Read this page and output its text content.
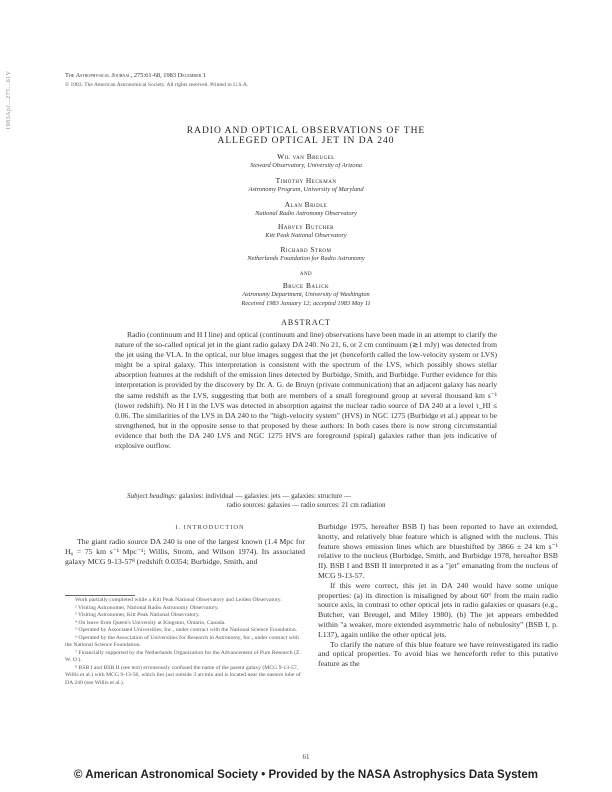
1983ApJ...275...61V	The Astrophysical Journal, 275:61-68, 1983 December 1
© 1983. The American Astronomical Society. All rights reserved. Printed in U.S.A.
RADIO AND OPTICAL OBSERVATIONS OF THE
ALLEGED OPTICAL JET IN DA 240
Wil van Breugel
Steward Observatory, University of Arizona
Timothy Heckman
Astronomy Program, University of Maryland
Alan Bridle
National Radio Astronomy Observatory
Harvey Butcher
Kitt Peak National Observatory
Richard Strom
Netherlands Foundation for Radio Astronomy
and
Bruce Balick
Astronomy Department, University of Washington
Received 1983 January 12; accepted 1983 May 11
ABSTRACT

Radio (continuum and H I line) and optical (continuum and line) observations have been made in an attempt to clarify the nature of the so-called optical jet in the giant radio galaxy DA 240. No 21, 6, or 2 cm continuum (≳1 mJy) was detected from the jet using the VLA. In the optical, our blue images suggest that the jet (henceforth called the low-velocity system or LVS) might be a spiral galaxy. This interpretation is consistent with the spectrum of the LVS, which possibly shows stellar absorption features at the redshift of the emission lines detected by Burbidge, Smith, and Burbidge. Further evidence for this interpretation is provided by the discovery by Dr. A. G. de Bruyn (private communication) that an adjacent galaxy has nearly the same redshift as the LVS, suggesting that both are members of a small foreground group at several thousand km s⁻¹ (lower redshift). No H I in the LVS was detected in absorption against the nuclear radio source of DA 240 at a level τ_HI ≤ 0.06. The similarities of the LVS in DA 240 to the "high-velocity system" (HVS) in NGC 1275 (Burbidge et al.) appear to be strengthened, but in the opposite sense to that proposed by these authors: In both cases there is now strong circumstantial evidence that both the DA 240 LVS and NGC 1275 HVS are foreground (spiral) galaxies rather than jets indicative of explosive outflow.

Subject headings: galaxies: individual — galaxies: jets — galaxies: structure —
radio sources: galaxies — radio sources: 21 cm radiation
I. INTRODUCTION

The giant radio source DA 240 is one of the largest known (1.4 Mpc for H₀ = 75 km s⁻¹ Mpc⁻¹; Willis, Strom, and Wilson 1974). Its associated galaxy MCG 9-13-57⁸ (redshift 0.0354; Burbidge, Smith, and

Work partially completed while a Kitt Peak National Observatory and Leiden Observatory.
² Visiting Astronomer, National Radio Astronomy Observatory.
³ Visiting Astronomer, Kitt Peak National Observatory.
⁴ On leave from Queen's University at Kingston, Ontario, Canada.
⁵ Operated by Associated Universities, Inc., under contract with the National Science Foundation.
⁶ Operated by the Association of Universities for Research in Astronomy, Inc., under contract with the National Science Foundation.
⁷ Financially supported by the Netherlands Organization for the Advancement of Pure Research (Z. W. O.).
⁸ BSB I and BSB II (see text) erroneously confused the name of the parent galaxy (MCG 9-13-57, Willis et al.) with MCG 9-13-56, which lies just outside 3 arcmin and is located near the eastern lobe of DA 240 (see Willis et al.).

Burbidge 1975, hereafter BSB I) has been reported to have an extended, knotty, and relatively blue feature which is aligned with the nucleus. This feature shows emission lines which are blueshifted by 3866 ± 24 km s⁻¹ relative to the nucleus (Burbidge, Smith, and Burbidge 1978, hereafter BSB II). BSB I and BSB II interpreted it as a "jet" emanating from the nucleus of MCG 9-13-57.

If this were correct, this jet in DA 240 would have some unique properties: (a) its direction is misaligned by about 60° from the main radio source axis, in contrast to other optical jets in radio galaxies or quasars (e.g., Butcher, van Breugel, and Miley 1980). (b) The jet appears embedded within "a weaker, more extended asymmetric halo of nebulosity" (BSB I, p. L137), again unlike the other optical jets.

To clarify the nature of this blue feature we have reinvestigated its radio and optical properties. To avoid bias we henceforth refer to this putative feature as the

61
© American Astronomical Society • Provided by the NASA Astrophysics Data System
